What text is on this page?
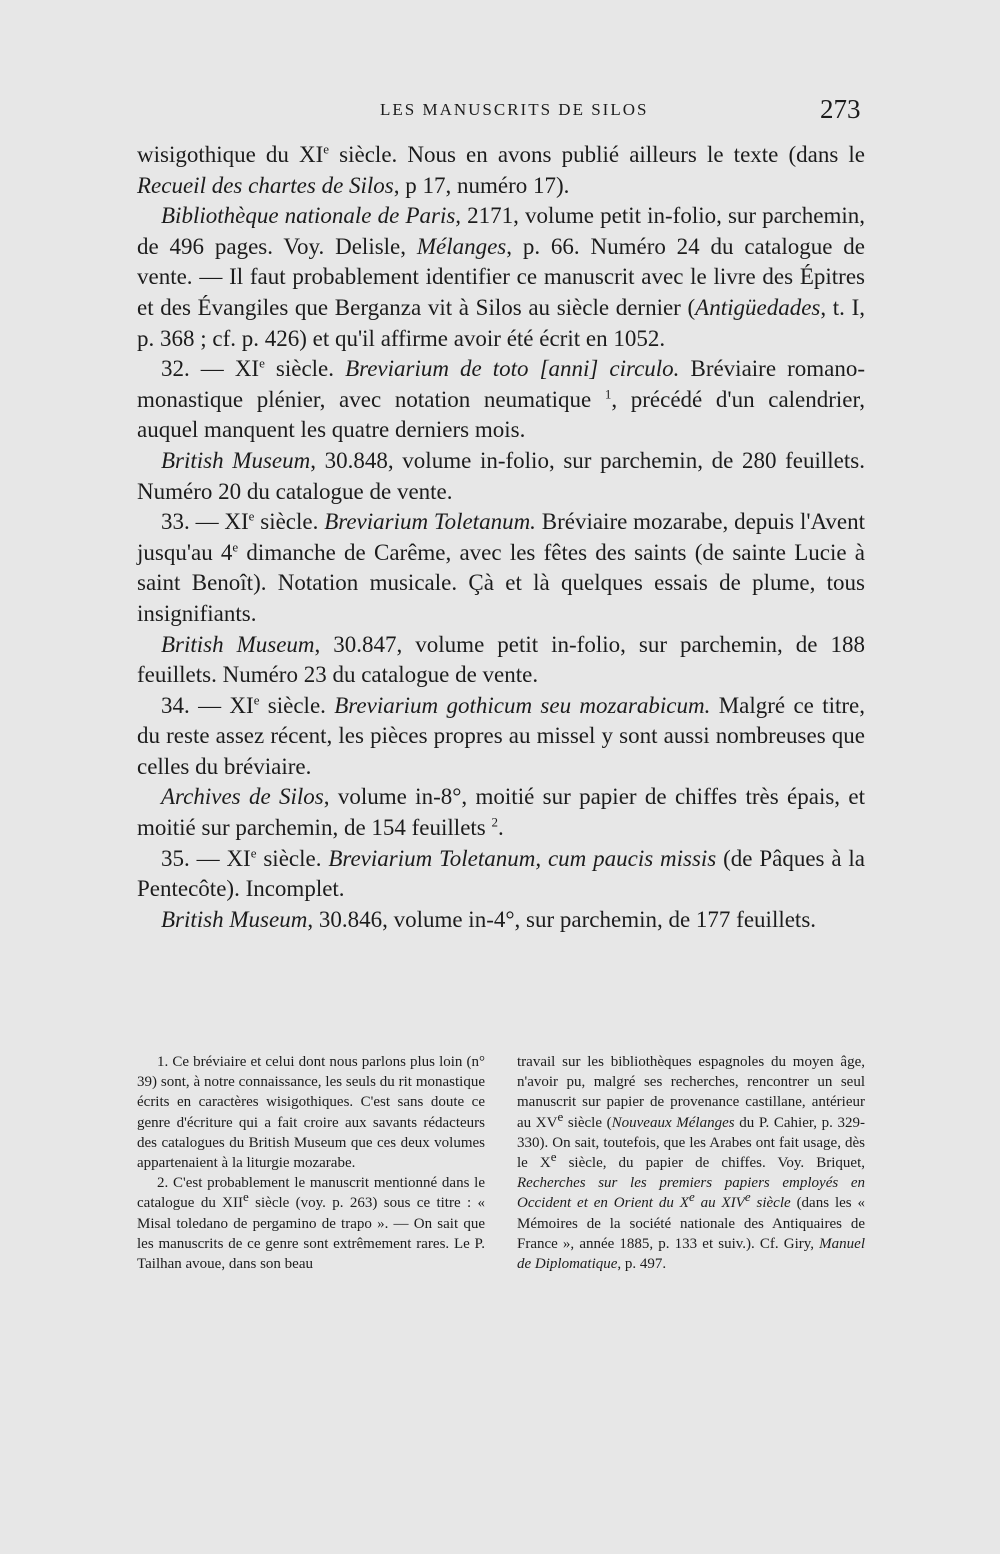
LES MANUSCRITS DE SILOS	273

wisigothique du XIe siècle. Nous en avons publié ailleurs le texte (dans le Recueil des chartes de Silos, p 17, numéro 17).

Bibliothèque nationale de Paris, 2171, volume petit in-folio, sur parchemin, de 496 pages. Voy. Delisle, Mélanges, p. 66. Numéro 24 du catalogue de vente. — Il faut probablement identifier ce manuscrit avec le livre des Épitres et des Évangiles que Berganza vit à Silos au siècle dernier (Antigüedades, t. I, p. 368 ; cf. p. 426) et qu'il affirme avoir été écrit en 1052.

32. — XIe siècle. Breviarium de toto [anni] circulo. Bréviaire romano-monastique plénier, avec notation neumatique $^1$, précédé d'un calendrier, auquel manquent les quatre derniers mois.

British Museum, 30.848, volume in-folio, sur parchemin, de 280 feuillets. Numéro 20 du catalogue de vente.

33. — XIe siècle. Breviarium Toletanum. Bréviaire mozarabe, depuis l'Avent jusqu'au 4e dimanche de Carême, avec les fêtes des saints (de sainte Lucie à saint Benoît). Notation musicale. Çà et là quelques essais de plume, tous insignifiants.

British Museum, 30.847, volume petit in-folio, sur parchemin, de 188 feuillets. Numéro 23 du catalogue de vente.

34. — XIe siècle. Breviarium gothicum seu mozarabicum. Malgré ce titre, du reste assez récent, les pièces propres au missel y sont aussi nombreuses que celles du bréviaire.

Archives de Silos, volume in-8°, moitié sur papier de chiffes très épais, et moitié sur parchemin, de 154 feuillets $^2$.

35. — XIe siècle. Breviarium Toletanum, cum paucis missis (de Pâques à la Pentecôte). Incomplet.

British Museum, 30.846, volume in-4°, sur parchemin, de 177 feuillets.

1. Ce bréviaire et celui dont nous parlons plus loin (n° 39) sont, à notre connaissance, les seuls du rit monastique écrits en caractères wisigothiques. C'est sans doute ce genre d'écriture qui a fait croire aux savants rédacteurs des catalogues du British Museum que ces deux volumes appartenaient à la liturgie mozarabe.

2. C'est probablement le manuscrit mentionné dans le catalogue du XIIe siècle (voy. p. 263) sous ce titre : « Misal toledano de pergamino de trapo ». — On sait que les manuscrits de ce genre sont extrêmement rares. Le P. Tailhan avoue, dans son beau

travail sur les bibliothèques espagnoles du moyen âge, n'avoir pu, malgré ses recherches, rencontrer un seul manuscrit sur papier de provenance castillane, antérieur au XVe siècle (Nouveaux Mélanges du P. Cahier, p. 329-330). On sait, toutefois, que les Arabes ont fait usage, dès le Xe siècle, du papier de chiffes. Voy. Briquet, Recherches sur les premiers papiers employés en Occident et en Orient du Xe au XIVe siècle (dans les « Mémoires de la société nationale des Antiquaires de France », année 1885, p. 133 et suiv.). Cf. Giry, Manuel de Diplomatique, p. 497.
